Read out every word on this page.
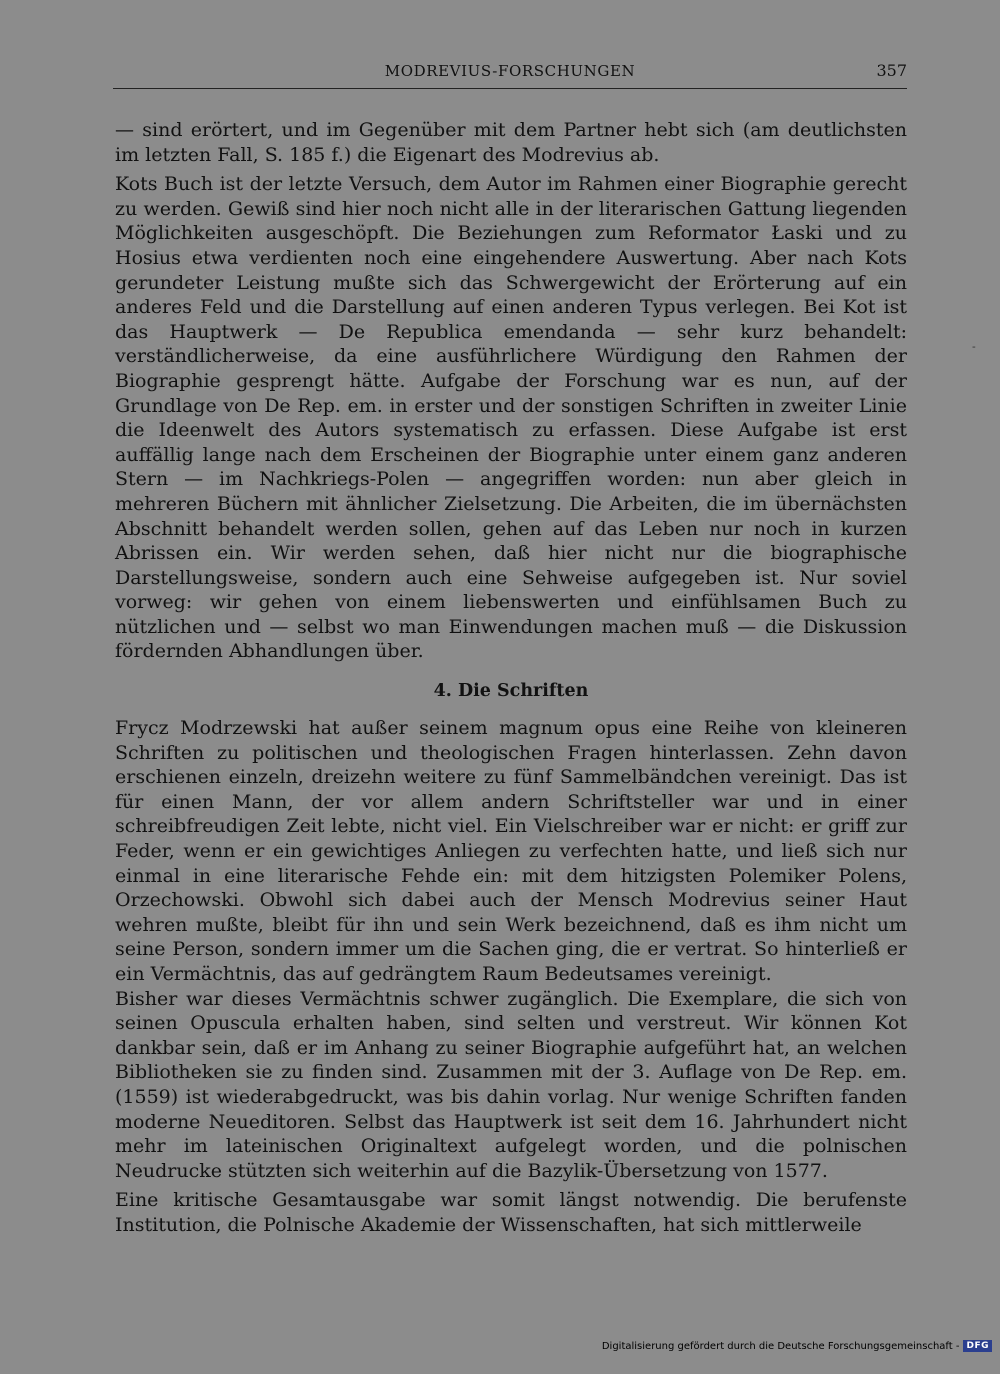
MODREVIUS-FORSCHUNGEN	357

— sind erörtert, und im Gegenüber mit dem Partner hebt sich (am deutlichsten im letzten Fall, S. 185 f.) die Eigenart des Modrevius ab.

Kots Buch ist der letzte Versuch, dem Autor im Rahmen einer Biographie gerecht zu werden. Gewiß sind hier noch nicht alle in der literarischen Gattung liegenden Möglichkeiten ausgeschöpft. Die Beziehungen zum Reformator Łaski und zu Hosius etwa verdienten noch eine eingehendere Auswertung. Aber nach Kots gerundeter Leistung mußte sich das Schwergewicht der Erörterung auf ein anderes Feld und die Darstellung auf einen anderen Typus verlegen. Bei Kot ist das Hauptwerk — De Republica emendanda — sehr kurz behandelt: verständlicherweise, da eine ausführlichere Würdigung den Rahmen der Biographie gesprengt hätte. Aufgabe der Forschung war es nun, auf der Grundlage von De Rep. em. in erster und der sonstigen Schriften in zweiter Linie die Ideenwelt des Autors systematisch zu erfassen. Diese Aufgabe ist erst auffällig lange nach dem Erscheinen der Biographie unter einem ganz anderen Stern — im Nachkriegs-Polen — angegriffen worden: nun aber gleich in mehreren Büchern mit ähnlicher Zielsetzung. Die Arbeiten, die im übernächsten Abschnitt behandelt werden sollen, gehen auf das Leben nur noch in kurzen Abrissen ein. Wir werden sehen, daß hier nicht nur die biographische Darstellungsweise, sondern auch eine Sehweise aufgegeben ist. Nur soviel vorweg: wir gehen von einem liebenswerten und einfühlsamen Buch zu nützlichen und — selbst wo man Einwendungen machen muß — die Diskussion fördernden Abhandlungen über.

4. Die Schriften

Frycz Modrzewski hat außer seinem magnum opus eine Reihe von kleineren Schriften zu politischen und theologischen Fragen hinterlassen. Zehn davon erschienen einzeln, dreizehn weitere zu fünf Sammelbändchen vereinigt. Das ist für einen Mann, der vor allem andern Schriftsteller war und in einer schreibfreudigen Zeit lebte, nicht viel. Ein Vielschreiber war er nicht: er griff zur Feder, wenn er ein gewichtiges Anliegen zu verfechten hatte, und ließ sich nur einmal in eine literarische Fehde ein: mit dem hitzigsten Polemiker Polens, Orzechowski. Obwohl sich dabei auch der Mensch Modrevius seiner Haut wehren mußte, bleibt für ihn und sein Werk bezeichnend, daß es ihm nicht um seine Person, sondern immer um die Sachen ging, die er vertrat. So hinterließ er ein Vermächtnis, das auf gedrängtem Raum Bedeutsames vereinigt.

Bisher war dieses Vermächtnis schwer zugänglich. Die Exemplare, die sich von seinen Opuscula erhalten haben, sind selten und verstreut. Wir können Kot dankbar sein, daß er im Anhang zu seiner Biographie aufgeführt hat, an welchen Bibliotheken sie zu finden sind. Zusammen mit der 3. Auflage von De Rep. em. (1559) ist wiederabgedruckt, was bis dahin vorlag. Nur wenige Schriften fanden moderne Neueditoren. Selbst das Hauptwerk ist seit dem 16. Jahrhundert nicht mehr im lateinischen Originaltext aufgelegt worden, und die polnischen Neudrucke stützten sich weiterhin auf die Bazylik-Übersetzung von 1577.

Eine kritische Gesamtausgabe war somit längst notwendig. Die berufenste Institution, die Polnische Akademie der Wissenschaften, hat sich mittlerweile

-
Digitalisierung gefördert durch die Deutsche Forschungsgemeinschaft - DFG
